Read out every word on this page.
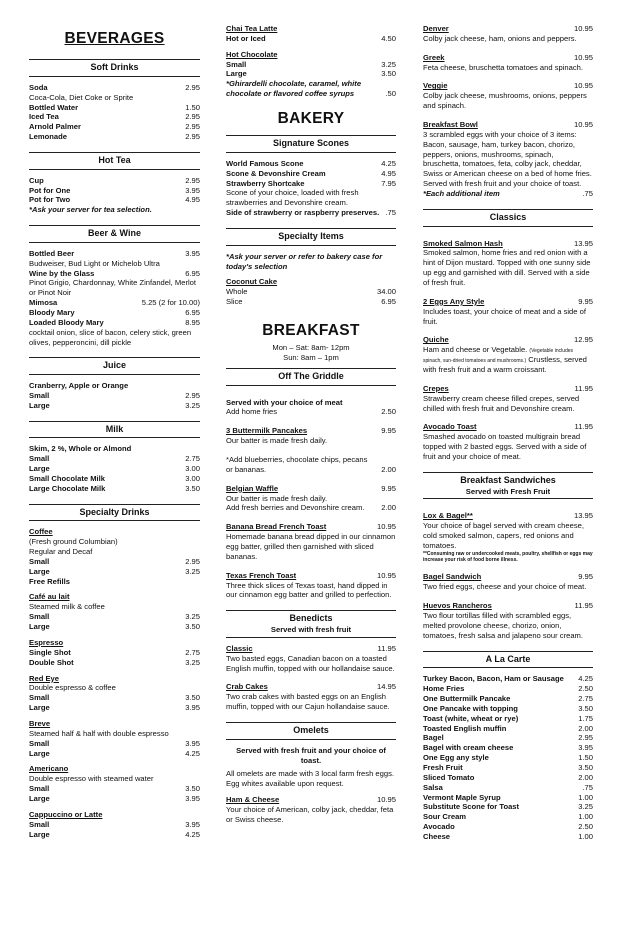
BEVERAGES
Soft Drinks
Soda	2.95
Coca-Cola, Diet Coke or Sprite
Bottled Water	1.50
Iced Tea	2.95
Arnold Palmer	2.95
Lemonade	2.95
Hot Tea
Cup	2.95
Pot for One	3.95
Pot for Two	4.95
*Ask your server for tea selection.
Beer & Wine
Bottled Beer	3.95
Budweiser, Bud Light or Michelob Ultra
Wine by the Glass	6.95
Pinot Grigio, Chardonnay, White Zinfandel, Merlot or Pinot Noir
Mimosa	5.25 (2 for 10.00)
Bloody Mary	6.95
Loaded Bloody Mary	8.95
cocktail onion, slice of bacon, celery stick, green olives, pepperoncini, dill pickle
Juice
Cranberry, Apple or Orange
Small	2.95
Large	3.25
Milk
Skim, 2 %, Whole or Almond
Small	2.75
Large	3.00
Small Chocolate Milk	3.00
Large Chocolate Milk	3.50
Specialty Drinks
Coffee
(Fresh ground Columbian)
Regular and Decaf
Small	2.95
Large	3.25
Free Refills
Café au lait
Steamed milk & coffee
Small	3.25
Large	3.50
Espresso
Single Shot	2.75
Double Shot	3.25
Red Eye
Double espresso & coffee
Small	3.50
Large	3.95
Breve
Steamed half & half with double espresso
Small	3.95
Large	4.25
Americano
Double espresso with steamed water
Small	3.50
Large	3.95
Cappuccino or Latte
Small	3.95
Large	4.25
Chai Tea Latte
Hot or Iced	4.50
Hot Chocolate
Small	3.25
Large	3.50
*Ghirardelli chocolate, caramel, white chocolate or flavored coffee syrups	.50
BAKERY
Signature Scones
World Famous Scone	4.25
Scone & Devonshire Cream	4.95
Strawberry Shortcake	7.95
Scone of your choice, loaded with fresh strawberries and Devonshire cream.
Side of strawberry or raspberry preserves. .75
Specialty Items
*Ask your server or refer to bakery case for today's selection
Coconut Cake
Whole	34.00
Slice	6.95
BREAKFAST
Mon – Sat: 8am- 12pm
Sun: 8am – 1pm
Off The Griddle
Served with your choice of meat
Add home fries	2.50
3 Buttermilk Pancakes	9.95
Our batter is made fresh daily.
*Add blueberries, chocolate chips, pecans or bananas.	2.00
Belgian Waffle	9.95
Our batter is made fresh daily.
Add fresh berries and Devonshire cream. 2.00
Banana Bread French Toast	10.95
Homemade banana bread dipped in our cinnamon egg batter, grilled then garnished with sliced bananas.
Texas French Toast	10.95
Three thick slices of Texas toast, hand dipped in our cinnamon egg batter and grilled to perfection.
Benedicts
Served with fresh fruit
Classic	11.95
Two basted eggs, Canadian bacon on a toasted English muffin, topped with our hollandaise sauce.
Crab Cakes	14.95
Two crab cakes with basted eggs on an English muffin, topped with our Cajun hollandaise sauce.
Omelets
Served with fresh fruit and your choice of toast.
All omelets are made with 3 local farm fresh eggs. Egg whites available upon request.
Ham & Cheese	10.95
Your choice of American, colby jack, cheddar, feta or Swiss cheese.
Denver	10.95
Colby jack cheese, ham, onions and peppers.
Greek	10.95
Feta cheese, bruschetta tomatoes and spinach.
Veggie	10.95
Colby jack cheese, mushrooms, onions, peppers and spinach.
Breakfast Bowl	10.95
3 scrambled eggs with your choice of 3 items: Bacon, sausage, ham, turkey bacon, chorizo, peppers, onions, mushrooms, spinach, bruschetta, tomatoes, feta, colby jack, cheddar, Swiss or American cheese on a bed of home fries. Served with fresh fruit and your choice of toast.
*Each additional item	.75
Classics
Smoked Salmon Hash	13.95
Smoked salmon, home fries and red onion with a hint of Dijon mustard. Topped with one sunny side up egg and garnished with dill. Served with a side of fresh fruit.
2 Eggs Any Style	9.95
Includes toast, your choice of meat and a side of fruit.
Quiche	12.95
Ham and cheese or Vegetable. (Vegetable includes spinach, sun-dried tomatoes and mushrooms.) Crustless, served with fresh fruit and a warm croissant.
Crepes	11.95
Strawberry cream cheese filled crepes, served chilled with fresh fruit and Devonshire cream.
Avocado Toast	11.95
Smashed avocado on toasted multigrain bread topped with 2 basted eggs. Served with a side of fruit and your choice of meat.
Breakfast Sandwiches
Served with Fresh Fruit
Lox & Bagel**	13.95
Your choice of bagel served with cream cheese, cold smoked salmon, capers, red onions and tomatoes.
**Consuming raw or undercooked meats, poultry, shellfish or eggs may increase your risk of food borne illness.
Bagel Sandwich	9.95
Two fried eggs, cheese and your choice of meat.
Huevos Rancheros	11.95
Two flour tortillas filled with scrambled eggs, melted provolone cheese, chorizo, onion, tomatoes, fresh salsa and jalapeno sour cream.
A La Carte
Turkey Bacon, Bacon, Ham or Sausage 4.25
Home Fries	2.50
One Buttermilk Pancake	2.75
One Pancake with topping	3.50
Toast (white, wheat or rye)	1.75
Toasted English muffin	2.00
Bagel	2.95
Bagel with cream cheese	3.95
One Egg any style	1.50
Fresh Fruit	3.50
Sliced Tomato	2.00
Salsa	.75
Vermont Maple Syrup	1.00
Substitute Scone for Toast	3.25
Sour Cream	1.00
Avocado	2.50
Cheese	1.00
